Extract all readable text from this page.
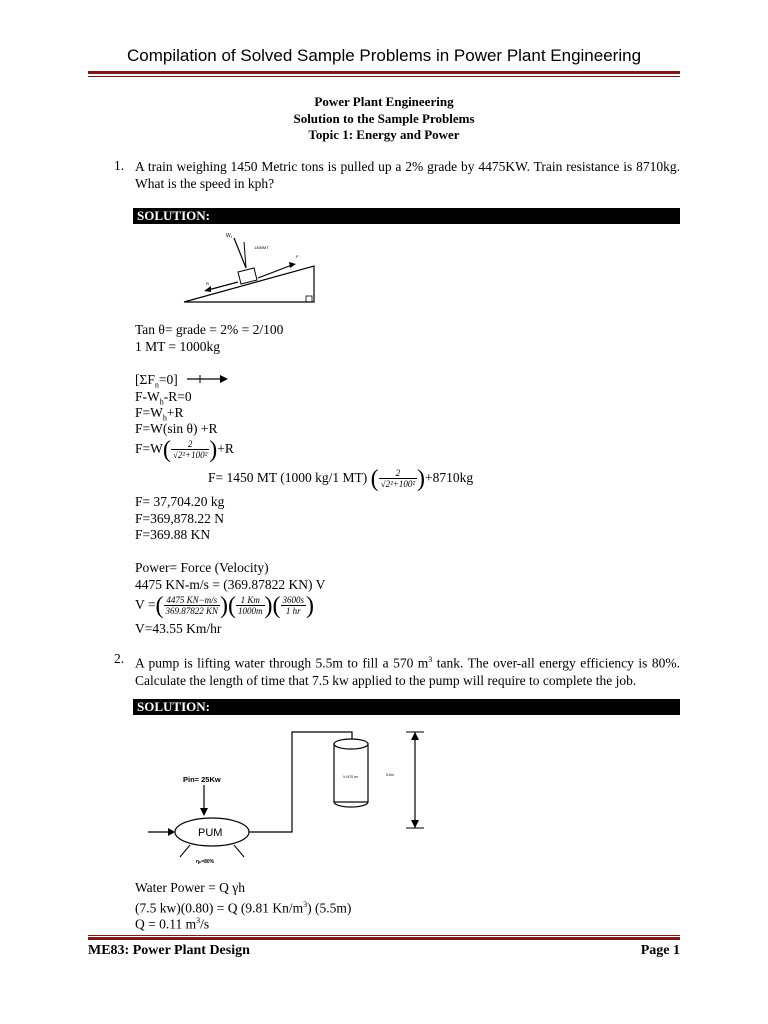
Compilation of Solved Sample Problems in Power Plant Engineering
Power Plant Engineering
Solution to the Sample Problems
Topic 1: Energy and Power
1. A train weighing 1450 Metric tons is pulled up a 2% grade by 4475KW. Train resistance is 8710kg. What is the speed in kph?
SOLUTION:
$W_t$
1450MT
F
R
Tan θ= grade = 2% = 2/100
1 MT = 1000kg
$[\Sigma F_n=0]$
$F-W_h-R=0$
$F=W_h+R$
F=W(sin θ) +R
$F=W( \frac{2}{\text{√2²+100²}} )+R$
F= 1450 MT (1000 kg/1 MT) ( $\frac{2}{\text{√2²+100²}} )+8710kg$
F= 37,704.20 kg
F=369,878.22 N
F=369.88 KN
Power= Force (Velocity)
4475 KN-m/s = (369.87822 KN) V
V =( $\frac{4475 KN-m/s}{369.87822 KN}$ )( $\frac{1 Km}{1000m}$ )( $\frac{3600s}{1 hr}$ )
V=43.55 Km/hr
2. A pump is lifting water through 5.5m to fill a 570 $m^3$ tank. The over-all energy efficiency is 80%. Calculate the length of time that 7.5 kw applied to the pump will require to complete the job.
SOLUTION:
V=570 m³	5.5m
Pin= 25Kw
PUM
ηₚ=80%
Water Power = Q γh
(7.5 kw)(0.80) = Q (9.81 $Kn/m^3$) (5.5m)
Q = 0.11 $m^3/s$
ME83: Power Plant Design	Page 1
